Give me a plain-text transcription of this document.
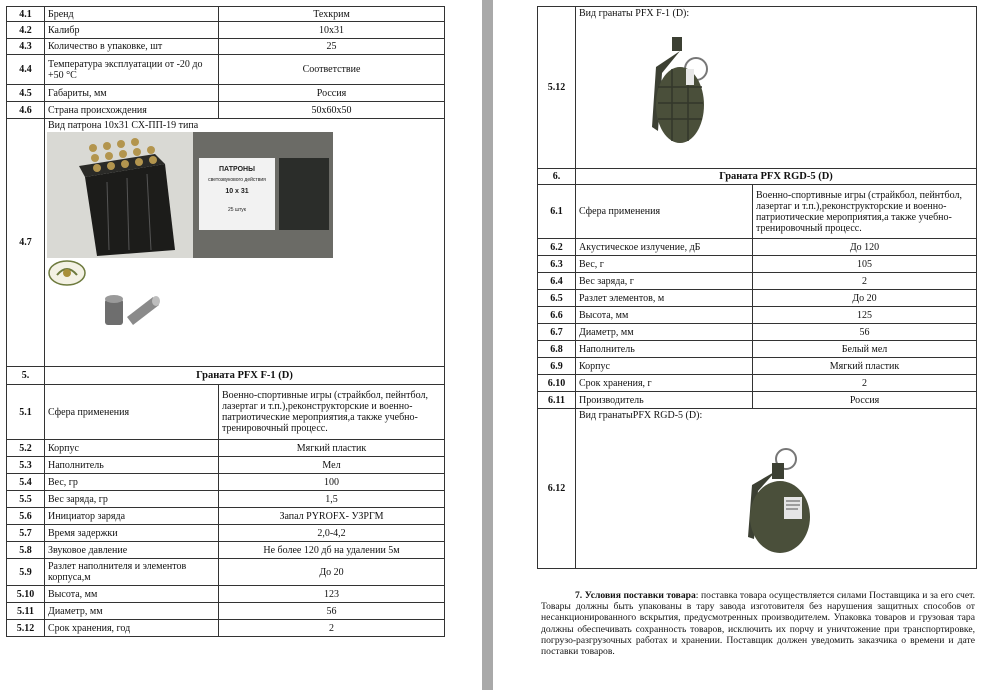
4.1	Бренд	Техкрим
4.2	Калибр	10x31
4.3	Количество в упаковке, шт	25
4.4	Температура эксплуатации от -20 до +50 °С	Соответствие
4.5	Габариты, мм	Россия
4.6	Страна происхождения	50х60х50
4.7	Вид патрона 10х31 СХ-ПП-19 типа
ПАТРОНЫ
светозвукового действия
10 x 31
25 штук	

5.	Граната PFX F-1 (D)	
5.1	Сфера применения	Военно-спортивные игры (страйкбол, пейнтбол, лазертаг и т.п.),реконструкторские и военно-патриотические мероприятия,а также учебно-тренировочный процесс.
5.2	Корпус	Мягкий пластик
5.3	Наполнитель	Мел
5.4	Вес, гр	100
5.5	Вес заряда, гр	1,5
5.6	Инициатор заряда	Запал PYROFX- УЗРГМ
5.7	Время задержки	2,0-4,2
5.8	Звуковое давление	Не более 120 дб на удалении 5м
5.9	Разлет наполнителя и элементов корпуса,м	До 20
5.10	Высота, мм	123
5.11	Диаметр, мм	56
5.12	Срок хранения, год	2
5.12	Вид гранаты PFX F-1 (D):	

6.	Граната PFX RGD-5 (D)	
6.1	Сфера применения	Военно-спортивные игры (страйкбол, пейнтбол, лазертаг и т.п.),реконструкторские и военно-патриотические мероприятия,а также учебно-тренировочный процесс.
6.2	Акустическое излучение, дБ	До 120
6.3	Вес, г	105
6.4	Вес заряда, г	2
6.5	Разлет элементов, м	До 20
6.6	Высота, мм	125
6.7	Диаметр, мм	56
6.8	Наполнитель	Белый мел
6.9	Корпус	Мягкий пластик
6.10	Срок хранения, г	2
6.11	Производитель	Россия
6.12	Вид гранатыPFX RGD-5 (D):	
7. Условия поставки товара: поставка товара осуществляется силами Поставщика и за его счет. Товары должны быть упакованы в тару завода изготовителя без нарушения защитных способов от несанкционированного вскрытия, предусмотренных производителем. Упаковка товаров и грузовая тара должны обеспечивать сохранность товаров, исключить их порчу и уничтожение при транспортировке, погрузо-разгрузочных работах и хранении. Поставщик должен уведомить заказчика о времени и дате поставки товаров.
